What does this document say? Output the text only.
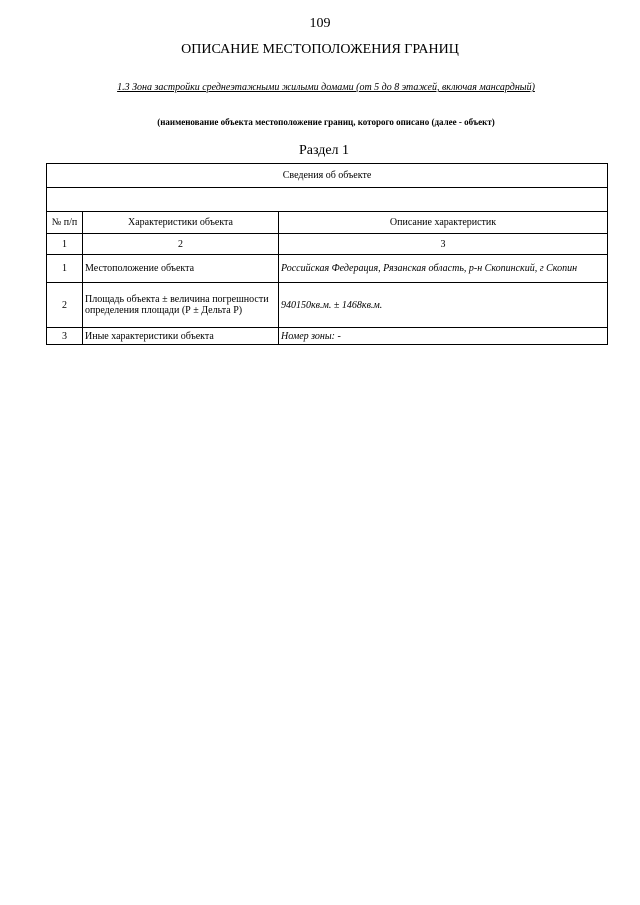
109
ОПИСАНИЕ МЕСТОПОЛОЖЕНИЯ ГРАНИЦ
1.3 Зона застройки среднеэтажными жилыми домами (от 5 до 8 этажей, включая мансардный)
(наименование объекта местоположение границ, которого описано (далее - объект)
Раздел 1
Сведения об объекте		

№ п/п	Характеристики объекта	Описание характеристик
1	2	3
1	Местоположение объекта	Российская Федерация, Рязанская область, р-н Скопинский, г Скопин
2	Площадь объекта ± величина погрешности определения площади (Р ± Дельта Р)	940150кв.м. ± 1468кв.м.
3	Иные характеристики объекта	Номер зоны: -
